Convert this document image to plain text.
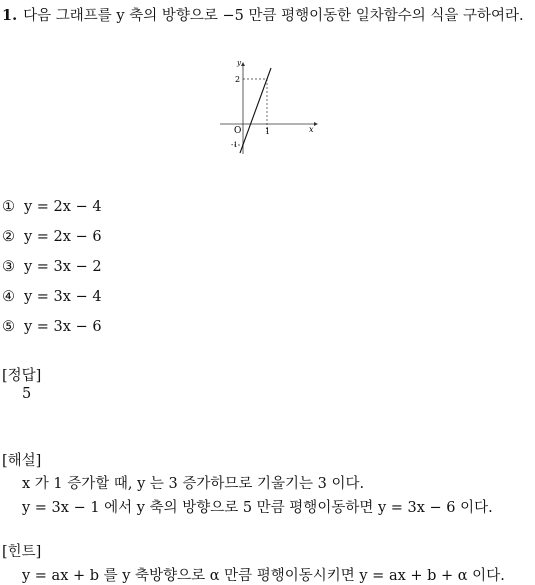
1. 다음 그래프를 y 축의 방향으로 −5 만큼 평행이동한 일차함수의 식을 구하여라.
y
x
O
2
1
-1
① y = 2x − 4
② y = 2x − 6
③ y = 3x − 2
④ y = 3x − 4
⑤ y = 3x − 6
[정답]
5
[해설]
x 가 1 증가할 때, y 는 3 증가하므로 기울기는 3 이다.
y = 3x − 1 에서 y 축의 방향으로 5 만큼 평행이동하면 y = 3x − 6 이다.
[힌트]
y = ax + b 를 y 축방향으로 α 만큼 평행이동시키면 y = ax + b + α 이다.
